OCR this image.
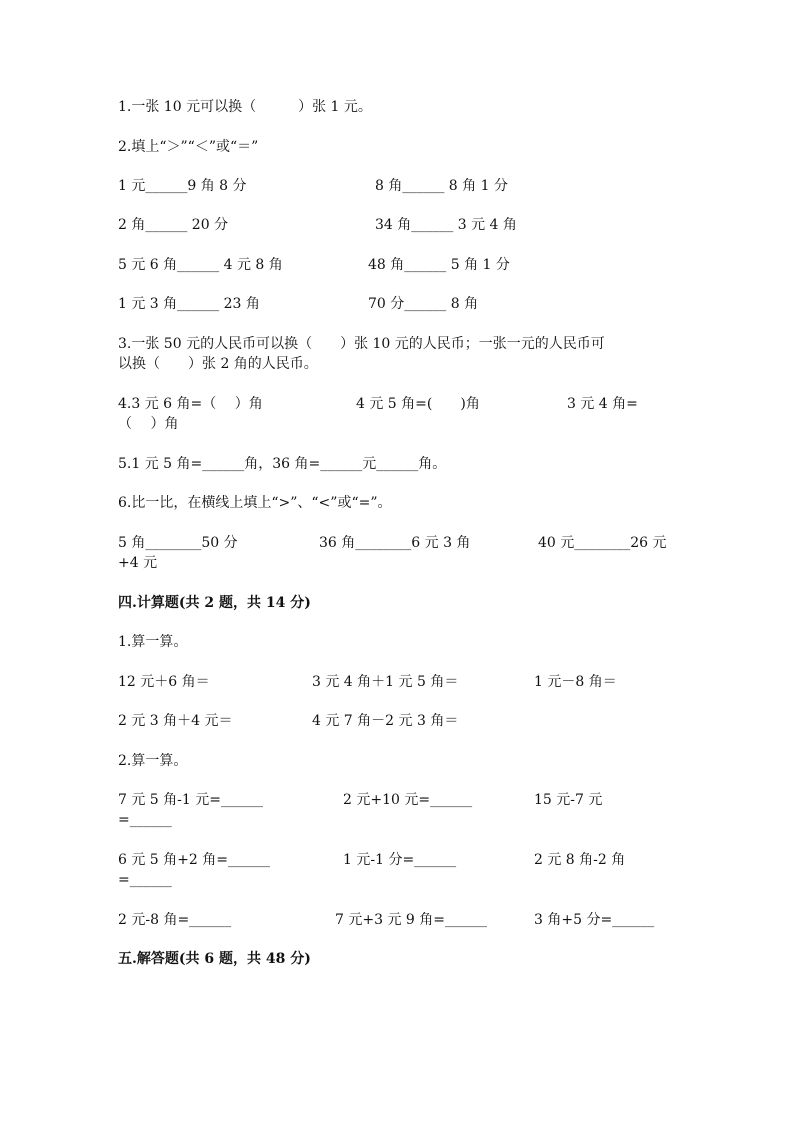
1.一张 10 元可以换（　　　）张 1 元。
2.填上“＞”“＜”或“＝”
1 元______9 角 8 分	8 角______ 8 角 1 分
2 角______ 20 分	34 角______ 3 元 4 角
5 元 6 角______ 4 元 8 角	48 角______ 5 角 1 分
1 元 3 角______ 23 角	70 分______ 8 角
3.一张 50 元的人民币可以换（　　）张 10 元的人民币；一张一元的人民币可
以换（　　）张 2 角的人民币。
4.3 元 6 角=（　 ）角	4 元 5 角=(　　)角	3 元 4 角=
（　 ）角
5.1 元 5 角=______角，36 角=______元______角。
6.比一比，在横线上填上“>”、“<”或“=”。
5 角________50 分	36 角________6 元 3 角	40 元________26 元
+4 元
四.计算题(共 2 题，共 14 分)
1.算一算。
12 元＋6 角＝	3 元 4 角＋1 元 5 角＝	1 元－8 角＝
2 元 3 角＋4 元＝	4 元 7 角－2 元 3 角＝
2.算一算。
7 元 5 角-1 元=______	2 元+10 元=______	15 元-7 元
=______
6 元 5 角+2 角=______	1 元-1 分=______	2 元 8 角-2 角
=______
2 元-8 角=______	7 元+3 元 9 角=______	3 角+5 分=______
五.解答题(共 6 题，共 48 分)
